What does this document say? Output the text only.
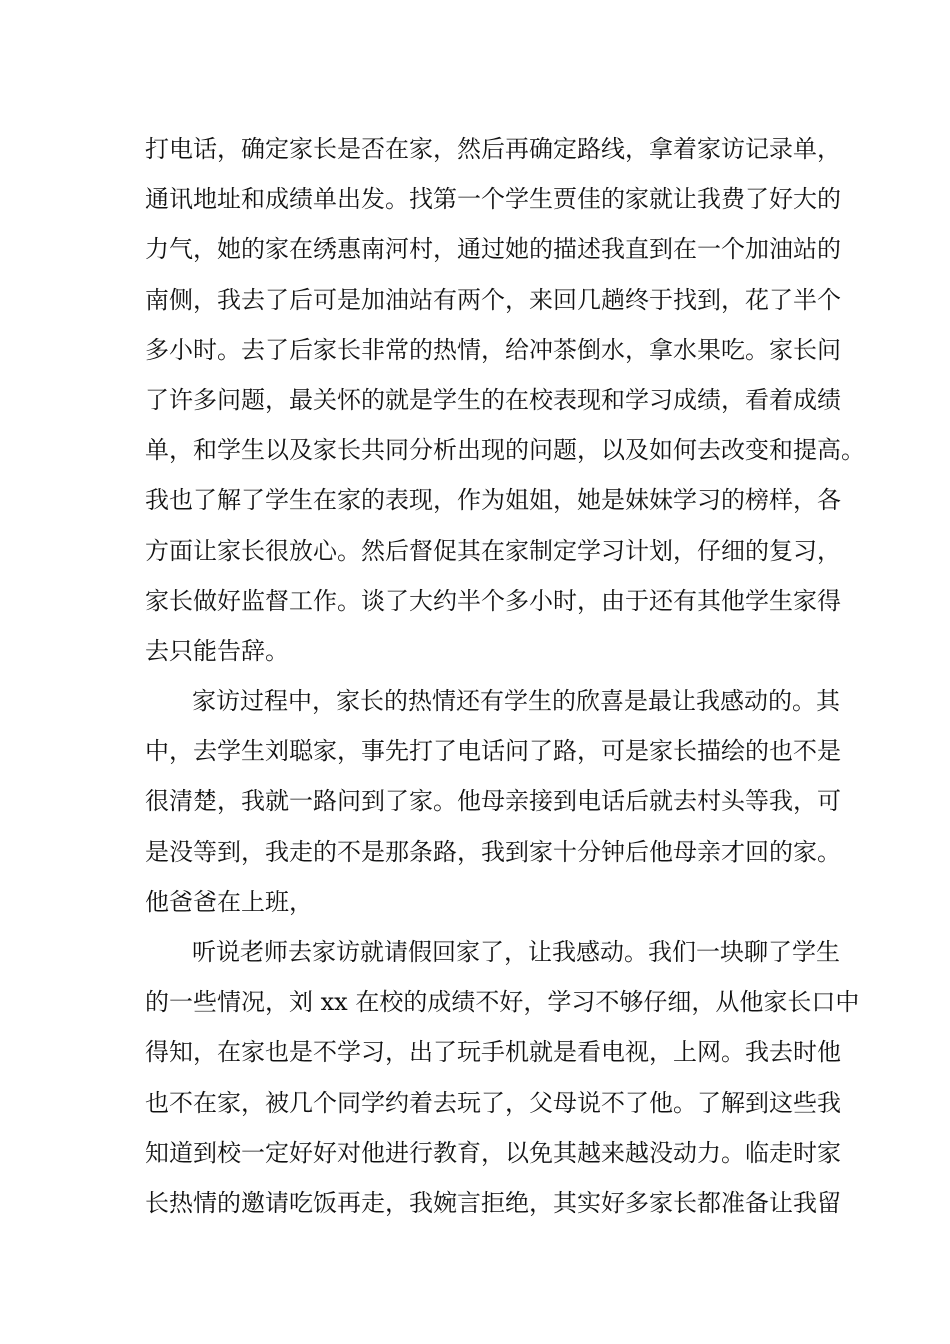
打电话，确定家长是否在家，然后再确定路线，拿着家访记录单，
通讯地址和成绩单出发。找第一个学生贾佳的家就让我费了好大的
力气，她的家在绣惠南河村，通过她的描述我直到在一个加油站的
南侧，我去了后可是加油站有两个，来回几趟终于找到，花了半个
多小时。去了后家长非常的热情，给冲茶倒水，拿水果吃。家长问
了许多问题，最关怀的就是学生的在校表现和学习成绩，看着成绩
单，和学生以及家长共同分析出现的问题，以及如何去改变和提高。
我也了解了学生在家的表现，作为姐姐，她是妹妹学习的榜样，各
方面让家长很放心。然后督促其在家制定学习计划，仔细的复习，
家长做好监督工作。谈了大约半个多小时，由于还有其他学生家得
去只能告辞。
家访过程中，家长的热情还有学生的欣喜是最让我感动的。其
中，去学生刘聪家，事先打了电话问了路，可是家长描绘的也不是
很清楚，我就一路问到了家。他母亲接到电话后就去村头等我，可
是没等到，我走的不是那条路，我到家十分钟后他母亲才回的家。
他爸爸在上班，
听说老师去家访就请假回家了，让我感动。我们一块聊了学生
的一些情况，刘 xx 在校的成绩不好，学习不够仔细，从他家长口中
得知，在家也是不学习，出了玩手机就是看电视，上网。我去时他
也不在家，被几个同学约着去玩了，父母说不了他。了解到这些我
知道到校一定好好对他进行教育，以免其越来越没动力。临走时家
长热情的邀请吃饭再走，我婉言拒绝，其实好多家长都准备让我留
